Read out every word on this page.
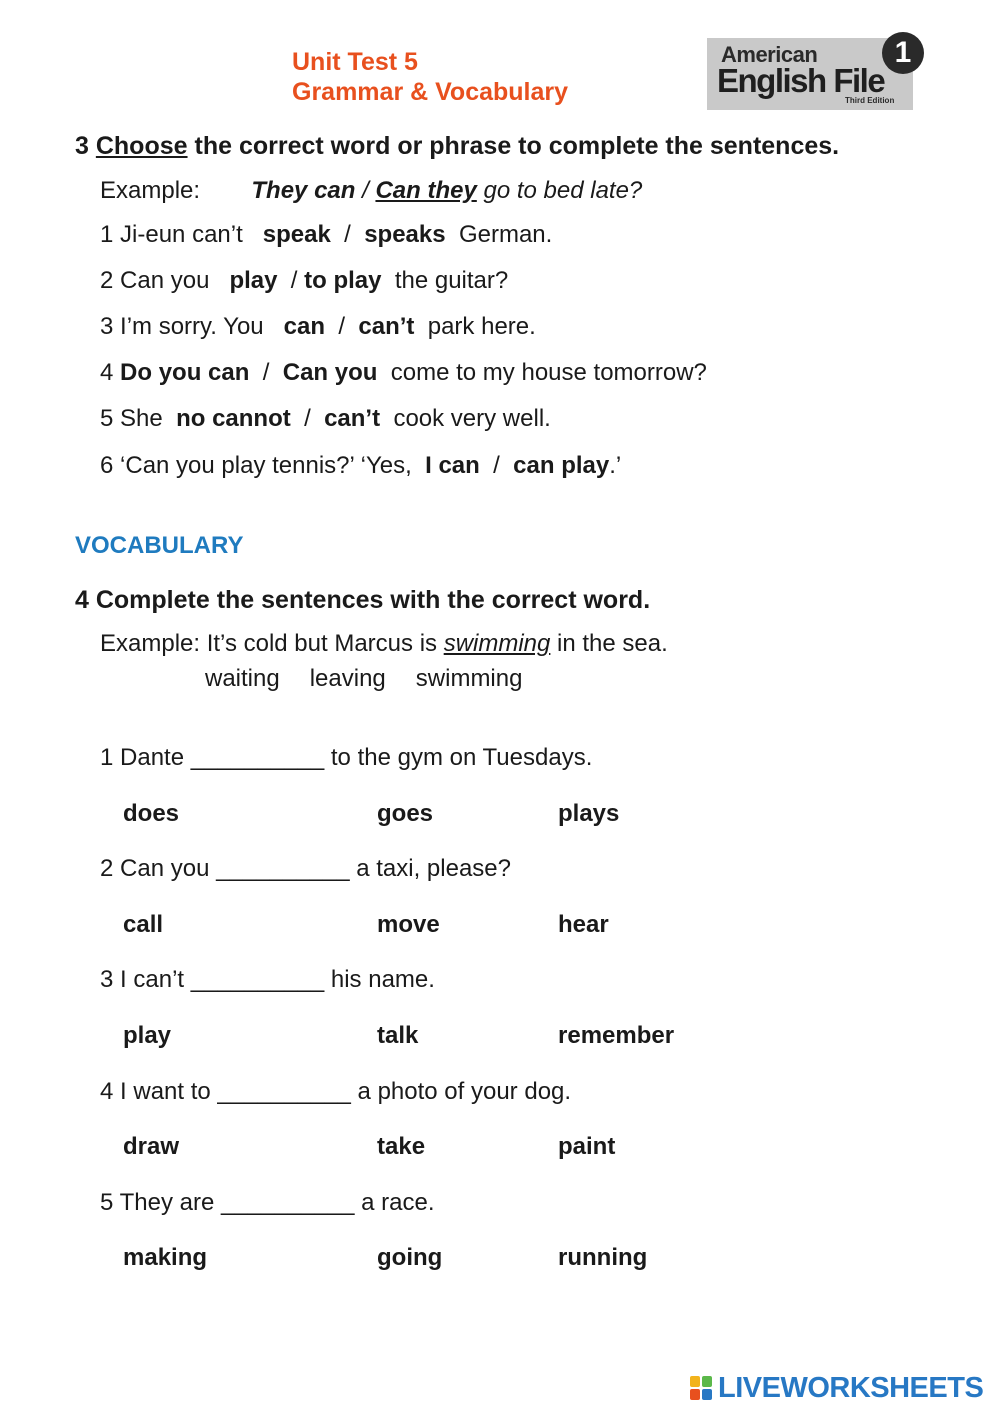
Unit Test 5
Grammar & Vocabulary
American
English File
Third Edition
1
3 Choose the correct word or phrase to complete the sentences.
Example: They can / Can they go to bed late?
1 Ji-eun can’t speak  /  speaks German.
2 Can you play  / to play the guitar?
3 I’m sorry. You can  /  can’t park here.
4 Do you can  /  Can you come to my house tomorrow?
5 She no cannot  /  can’t cook very well.
6 ‘Can you play tennis?’ ‘Yes, I can  /  can play.’
VOCABULARY
4 Complete the sentences with the correct word.
Example: It’s cold but Marcus is swimming in the sea.
waiting leaving swimming
1 Dante __________ to the gym on Tuesdays.
does	goes	plays
2 Can you __________ a taxi, please?
call	move	hear
3 I can’t __________ his name.
play	talk	remember
4 I want to __________ a photo of your dog.
draw	take	paint
5 They are __________ a race.
making	going	running
LIVEWORKSHEETS
